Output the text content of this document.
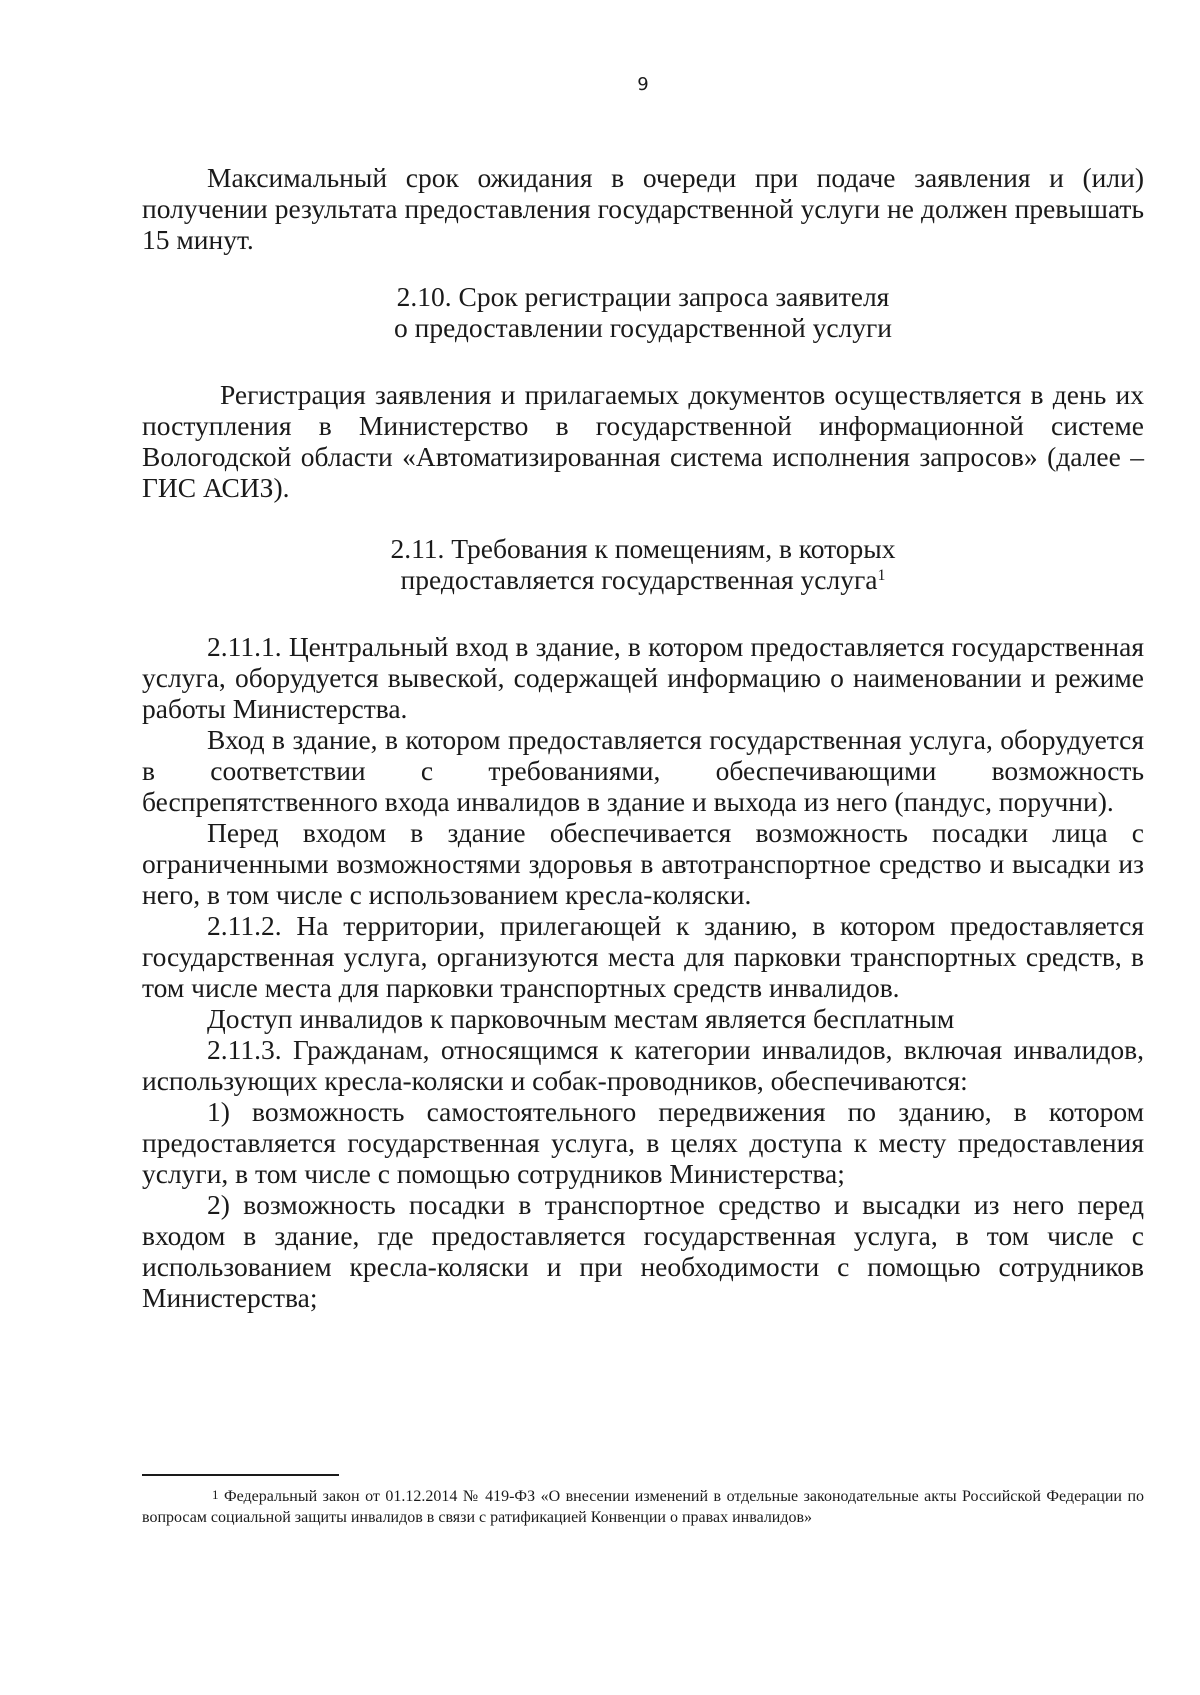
9

Максимальный срок ожидания в очереди при подаче заявления и (или) получении результата предоставления государственной услуги не должен превышать 15 минут.

2.10. Срок регистрации запроса заявителя
о предоставлении государственной услуги

Регистрация заявления и прилагаемых документов осуществляется в день их поступления в Министерство в государственной информационной системе Вологодской области «Автоматизированная система исполнения запросов» (далее – ГИС АСИЗ).

2.11. Требования к помещениям, в которых
предоставляется государственная услуга$^1$

2.11.1. Центральный вход в здание, в котором предоставляется государственная услуга, оборудуется вывеской, содержащей информацию о наименовании и режиме работы Министерства.

Вход в здание, в котором предоставляется государственная услуга, оборудуется в соответствии с требованиями, обеспечивающими возможность беспрепятственного входа инвалидов в здание и выхода из него (пандус, поручни).

Перед входом в здание обеспечивается возможность посадки лица с ограниченными возможностями здоровья в автотранспортное средство и высадки из него, в том числе с использованием кресла-коляски.

2.11.2. На территории, прилегающей к зданию, в котором предоставляется государственная услуга, организуются места для парковки транспортных средств, в том числе места для парковки транспортных средств инвалидов.

Доступ инвалидов к парковочным местам является бесплатным

2.11.3. Гражданам, относящимся к категории инвалидов, включая инвалидов, использующих кресла-коляски и собак-проводников, обеспечиваются:

1) возможность самостоятельного передвижения по зданию, в котором предоставляется государственная услуга, в целях доступа к месту предоставления услуги, в том числе с помощью сотрудников Министерства;

2) возможность посадки в транспортное средство и высадки из него перед входом в здание, где предоставляется государственная услуга, в том числе с использованием кресла-коляски и при необходимости с помощью сотрудников Министерства;

$^1$ Федеральный закон от 01.12.2014 № 419-ФЗ «О внесении изменений в отдельные законодательные акты Российской Федерации по вопросам социальной защиты инвалидов в связи с ратификацией Конвенции о правах инвалидов»
